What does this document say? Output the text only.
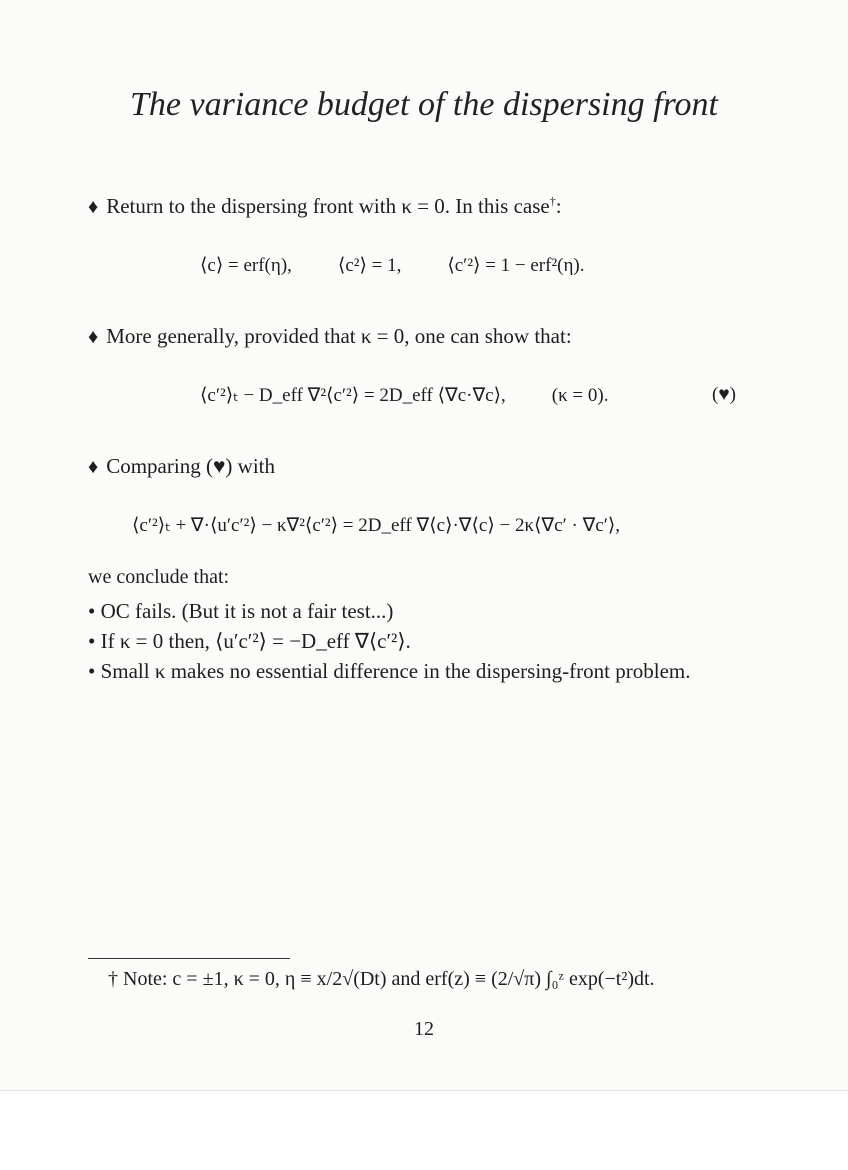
The variance budget of the dispersing front
♦ Return to the dispersing front with κ = 0. In this case†:
⟨c⟩ = erf(η), ⟨c²⟩ = 1, ⟨c′²⟩ = 1 − erf²(η).
♦ More generally, provided that κ = 0, one can show that:
⟨c′²⟩ₜ − D_eff ∇²⟨c′²⟩ = 2D_eff ⟨∇c·∇c⟩, (κ = 0).	(♥)
♦ Comparing (♥) with
⟨c′²⟩ₜ + ∇·⟨u′c′²⟩ − κ∇²⟨c′²⟩ = 2D_eff ∇⟨c⟩·∇⟨c⟩ − 2κ⟨∇c′ · ∇c′⟩,
we conclude that:
• OC fails. (But it is not a fair test...)
• If κ = 0 then, ⟨u′c′²⟩ = −D_eff ∇⟨c′²⟩.
• Small κ makes no essential difference in the dispersing-front problem.
† Note: c = ±1, κ = 0, η ≡ x/2√(Dt) and erf(z) ≡ (2/√π) ∫₀ᶻ exp(−t²)dt.
12
